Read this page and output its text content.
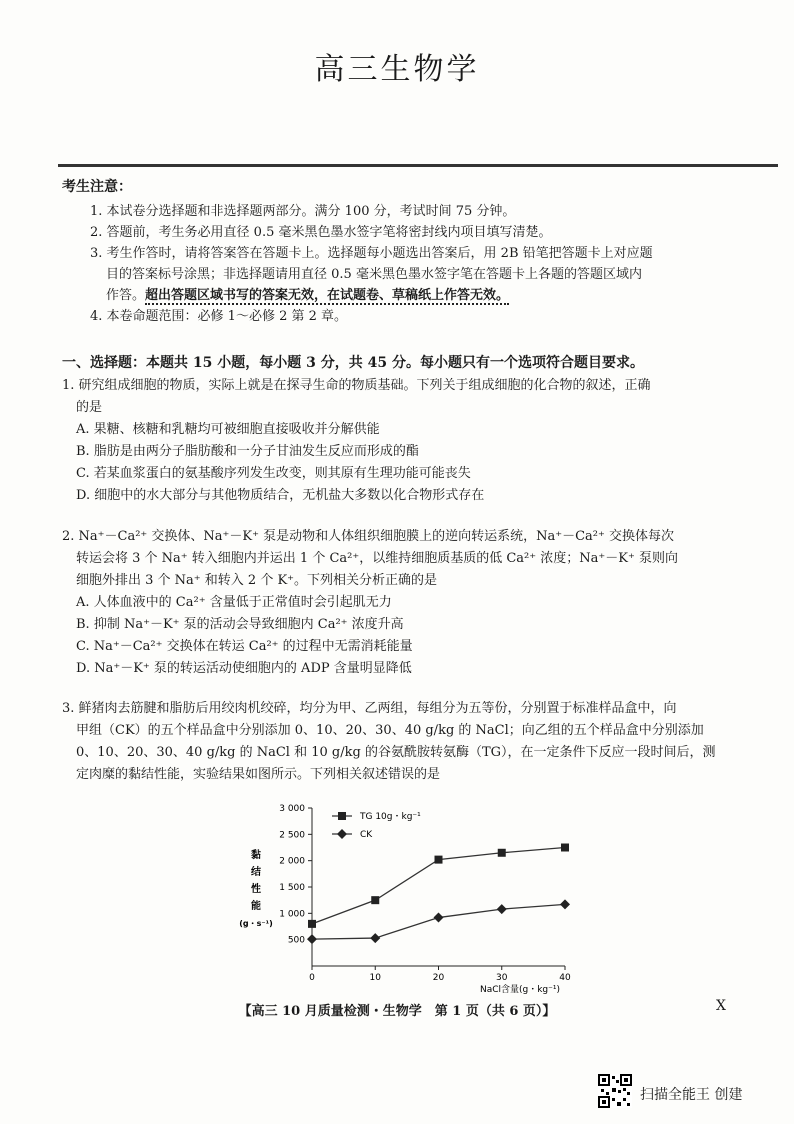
高三生物学
考生注意：

1. 本试卷分选择题和非选择题两部分。满分 100 分，考试时间 75 分钟。

2. 答题前，考生务必用直径 0.5 毫米黑色墨水签字笔将密封线内项目填写清楚。

3. 考生作答时，请将答案答在答题卡上。选择题每小题选出答案后，用 2B 铅笔把答题卡上对应题

目的答案标号涂黑；非选择题请用直径 0.5 毫米黑色墨水签字笔在答题卡上各题的答题区域内

作答。超出答题区域书写的答案无效，在试题卷、草稿纸上作答无效。

4. 本卷命题范围：必修 1～必修 2 第 2 章。

一、选择题：本题共 15 小题，每小题 3 分，共 45 分。每小题只有一个选项符合题目要求。

1. 研究组成细胞的物质，实际上就是在探寻生命的物质基础。下列关于组成细胞的化合物的叙述，正确

的是

A. 果糖、核糖和乳糖均可被细胞直接吸收并分解供能

B. 脂肪是由两分子脂肪酸和一分子甘油发生反应而形成的酯

C. 若某血浆蛋白的氨基酸序列发生改变，则其原有生理功能可能丧失

D. 细胞中的水大部分与其他物质结合，无机盐大多数以化合物形式存在

2. Na⁺－Ca²⁺ 交换体、Na⁺－K⁺ 泵是动物和人体组织细胞膜上的逆向转运系统，Na⁺－Ca²⁺ 交换体每次

转运会将 3 个 Na⁺ 转入细胞内并运出 1 个 Ca²⁺，以维持细胞质基质的低 Ca²⁺ 浓度；Na⁺－K⁺ 泵则向

细胞外排出 3 个 Na⁺ 和转入 2 个 K⁺。下列相关分析正确的是

A. 人体血液中的 Ca²⁺ 含量低于正常值时会引起肌无力

B. 抑制 Na⁺－K⁺ 泵的活动会导致细胞内 Ca²⁺ 浓度升高

C. Na⁺－Ca²⁺ 交换体在转运 Ca²⁺ 的过程中无需消耗能量

D. Na⁺－K⁺ 泵的转运活动使细胞内的 ADP 含量明显降低

3. 鲜猪肉去筋腱和脂肪后用绞肉机绞碎，均分为甲、乙两组，每组分为五等份，分别置于标准样品盒中，向

甲组（CK）的五个样品盒中分别添加 0、10、20、30、40 g/kg 的 NaCl；向乙组的五个样品盒中分别添加

0、10、20、30、40 g/kg 的 NaCl 和 10 g/kg 的谷氨酰胺转氨酶（TG），在一定条件下反应一段时间后，测

定肉糜的黏结性能，实验结果如图所示。下列相关叙述错误的是

500
1 000
1 500
2 000
2 500
3 000
0	10	20	30	40
黏
结
性
能
(g・s⁻¹)
NaCl含量(g・kg⁻¹)
TG 10g・kg⁻¹
CK
【高三 10 月质量检测・生物学　第 1 页（共 6 页）】	X
扫描全能王 创建
